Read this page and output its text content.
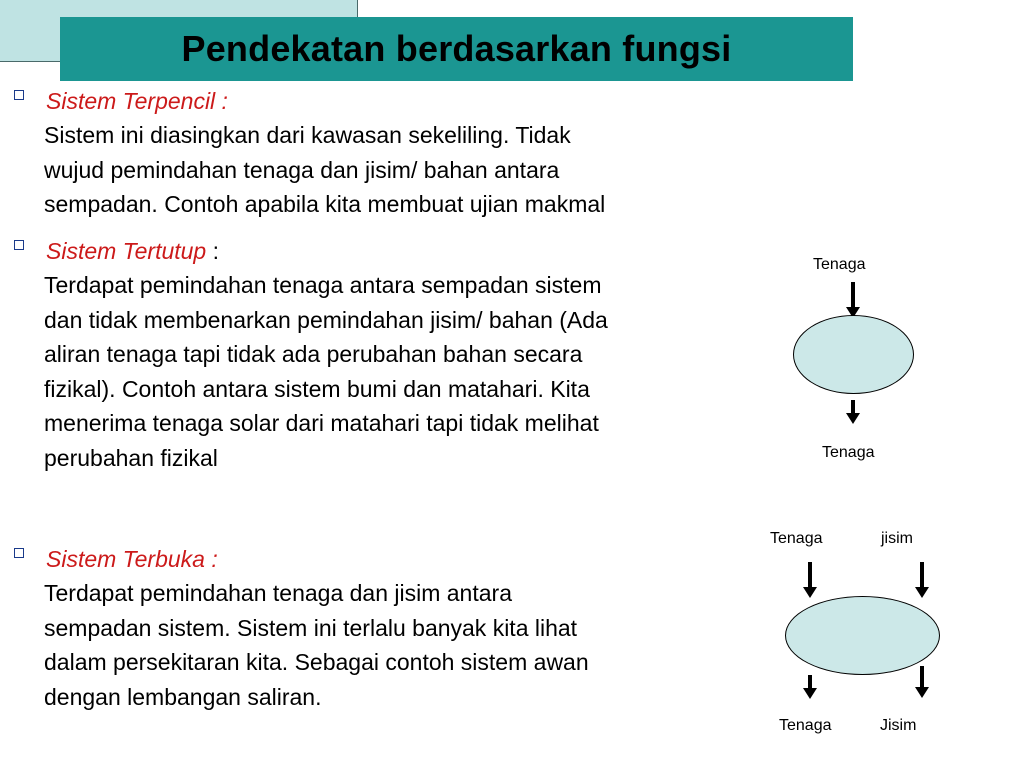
Pendekatan berdasarkan fungsi
Sistem Terpencil :
Sistem ini diasingkan dari kawasan sekeliling. Tidak
wujud pemindahan tenaga dan jisim/ bahan antara
sempadan. Contoh apabila kita membuat ujian makmal
Sistem Tertutup :
Terdapat pemindahan tenaga antara sempadan sistem
dan tidak membenarkan pemindahan jisim/ bahan (Ada
aliran tenaga tapi tidak ada perubahan bahan secara
fizikal). Contoh antara sistem bumi dan matahari. Kita
menerima tenaga solar dari matahari tapi tidak melihat
perubahan fizikal
Sistem Terbuka :
Terdapat pemindahan tenaga dan jisim antara
sempadan sistem. Sistem ini terlalu banyak kita lihat
dalam persekitaran kita. Sebagai contoh sistem awan
dengan lembangan saliran.
Tenaga
Tenaga
Tenaga	jisim
Tenaga	Jisim
